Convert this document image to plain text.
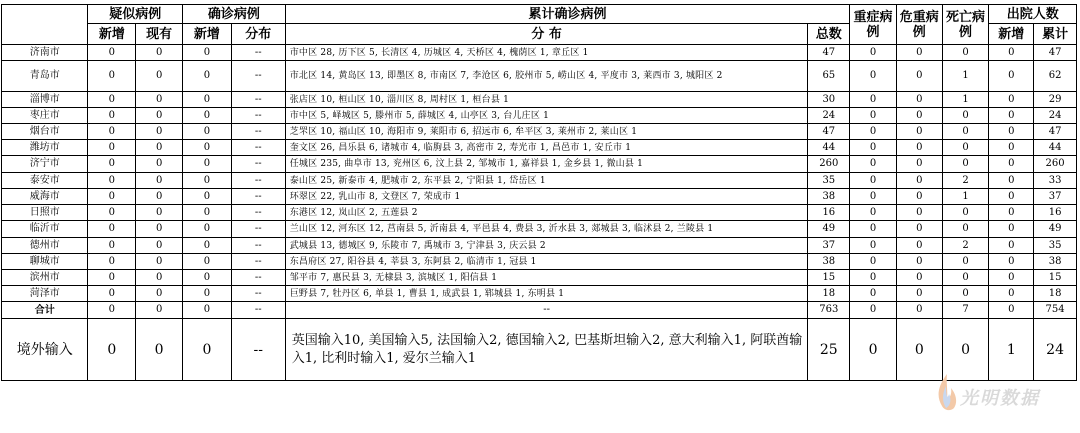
	疑似病例		确诊病例		累计确诊病例		重症病例	危重病例	死亡病例	出院人数	
	新增	现有	新增	分布	分 布	总数				新增	累计
济南市	0	0	0	--	市中区 28, 历下区 5, 长清区 4, 历城区 4, 天桥区 4, 槐荫区 1, 章丘区 1	47	0	0	0	0	47
青岛市	0	0	0	--	市北区 14, 黄岛区 13, 即墨区 8, 市南区 7, 李沧区 6, 胶州市 5, 崂山区 4, 平度市 3, 莱西市 3, 城阳区 2	65	0	0	1	0	62
淄博市	0	0	0	--	张店区 10, 桓山区 10, 淄川区 8, 周村区 1, 桓台县 1	30	0	0	1	0	29
枣庄市	0	0	0	--	市中区 5, 峄城区 5, 滕州市 5, 薛城区 4, 山亭区 3, 台儿庄区 1	24	0	0	0	0	24
烟台市	0	0	0	--	芝罘区 10, 福山区 10, 海阳市 9, 莱阳市 6, 招远市 6, 牟平区 3, 莱州市 2, 莱山区 1	47	0	0	0	0	47
潍坊市	0	0	0	--	奎文区 26, 昌乐县 6, 诸城市 4, 临朐县 3, 高密市 2, 寿光市 1, 昌邑市 1, 安丘市 1	44	0	0	0	0	44
济宁市	0	0	0	--	任城区 235, 曲阜市 13, 兖州区 6, 汶上县 2, 邹城市 1, 嘉祥县 1, 金乡县 1, 微山县 1	260	0	0	0	0	260
泰安市	0	0	0	--	泰山区 25, 新泰市 4, 肥城市 2, 东平县 2, 宁阳县 1, 岱岳区 1	35	0	0	2	0	33
威海市	0	0	0	--	环翠区 22, 乳山市 8, 文登区 7, 荣成市 1	38	0	0	1	0	37
日照市	0	0	0	--	东港区 12, 岚山区 2, 五莲县 2	16	0	0	0	0	16
临沂市	0	0	0	--	兰山区 12, 河东区 12, 莒南县 5, 沂南县 4, 平邑县 4, 费县 3, 沂水县 3, 郯城县 3, 临沭县 2, 兰陵县 1	49	0	0	0	0	49
德州市	0	0	0	--	武城县 13, 德城区 9, 乐陵市 7, 禹城市 3, 宁津县 3, 庆云县 2	37	0	0	2	0	35
聊城市	0	0	0	--	东昌府区 27, 阳谷县 4, 莘县 3, 东阿县 2, 临清市 1, 冠县 1	38	0	0	0	0	38
滨州市	0	0	0	--	邹平市 7, 惠民县 3, 无棣县 3, 滨城区 1, 阳信县 1	15	0	0	0	0	15
菏泽市	0	0	0	--	巨野县 7, 牡丹区 6, 单县 1, 曹县 1, 成武县 1, 郓城县 1, 东明县 1	18	0	0	0	0	18
合计	0	0	0	--	--	763	0	0	7	0	754
境外输入	0	0	0	--	英国输入10, 美国输入5, 法国输入2, 德国输入2, 巴基斯坦输入2, 意大利输入1, 阿联酋输入1, 比利时输入1, 爱尔兰输入1	25	0	0	0	1	24
光明数据
